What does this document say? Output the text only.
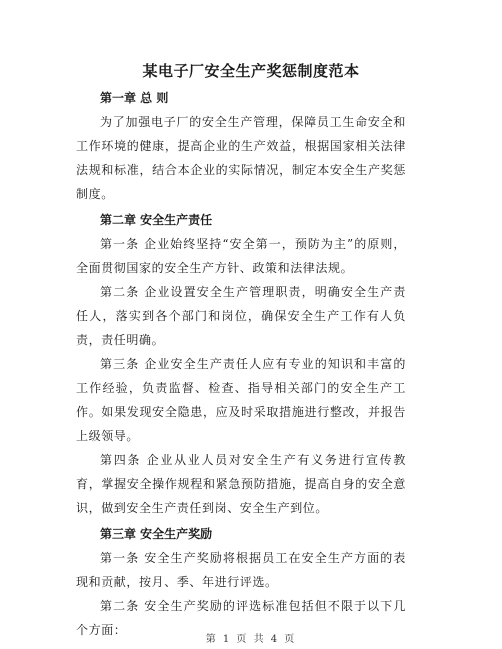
某电子厂安全生产奖惩制度范本
第一章 总 则
为了加强电子厂的安全生产管理，保障员工生命安全和工作环境的健康，提高企业的生产效益，根据国家相关法律法规和标准，结合本企业的实际情况，制定本安全生产奖惩制度。
第二章 安全生产责任
第一条 企业始终坚持“安全第一，预防为主”的原则，全面贯彻国家的安全生产方针、政策和法律法规。
第二条 企业设置安全生产管理职责，明确安全生产责任人，落实到各个部门和岗位，确保安全生产工作有人负责，责任明确。
第三条 企业安全生产责任人应有专业的知识和丰富的工作经验，负责监督、检查、指导相关部门的安全生产工作。如果发现安全隐患，应及时采取措施进行整改，并报告上级领导。
第四条 企业从业人员对安全生产有义务进行宣传教育，掌握安全操作规程和紧急预防措施，提高自身的安全意识，做到安全生产责任到岗、安全生产到位。
第三章 安全生产奖励
第一条 安全生产奖励将根据员工在安全生产方面的表现和贡献，按月、季、年进行评选。
第二条 安全生产奖励的评选标准包括但不限于以下几个方面：
第 1 页 共 4 页
